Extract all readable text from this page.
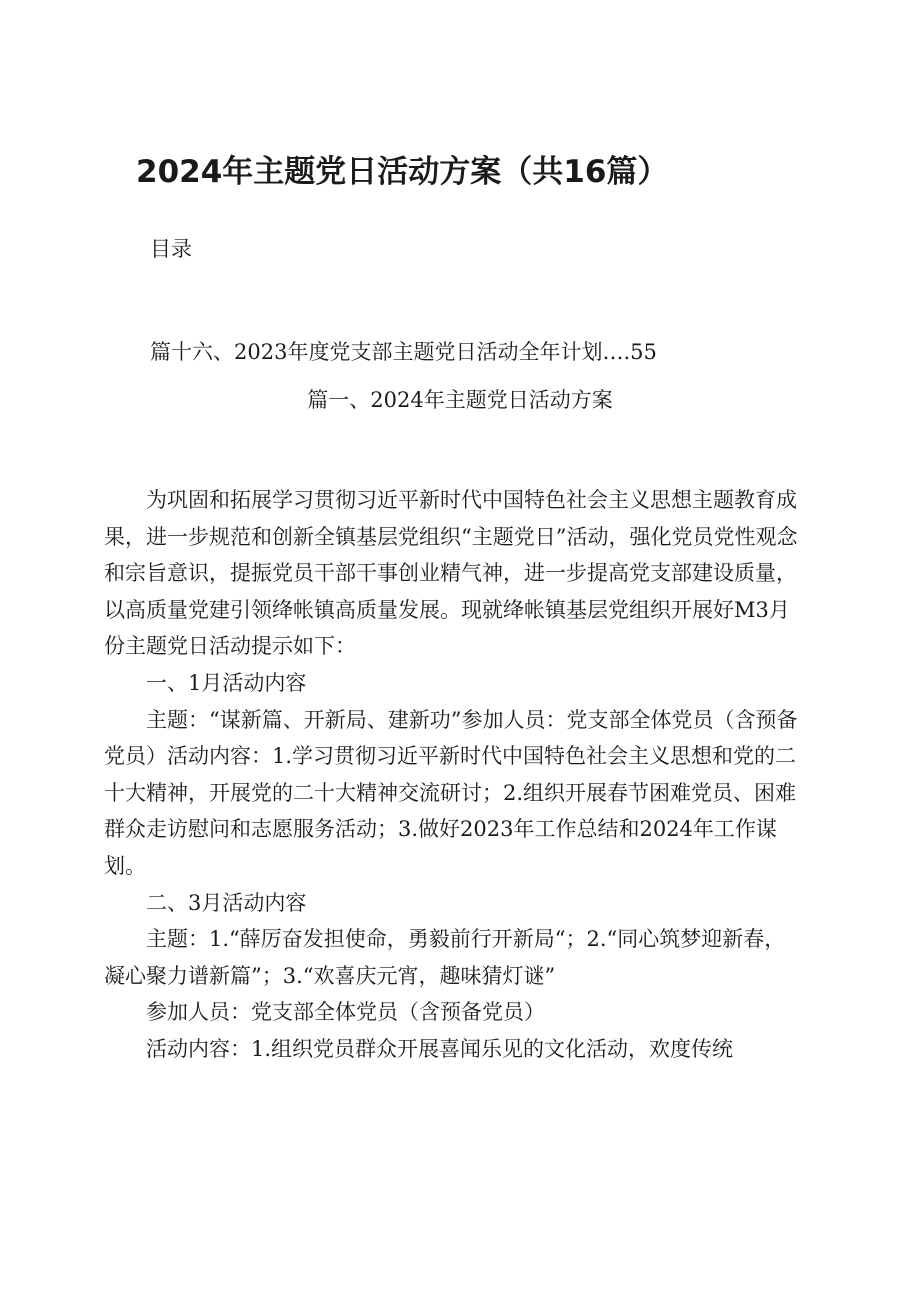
2024年主题党日活动方案（共16篇）
目录
篇十六、2023年度党支部主题党日活动全年计划….55
篇一、2024年主题党日活动方案

为巩固和拓展学习贯彻习近平新时代中国特色社会主义思想主题教育成果，进一步规范和创新全镇基层党组织“主题党日”活动，强化党员党性观念和宗旨意识，提振党员干部干事创业精气神，进一步提高党支部建设质量，以高质量党建引领绛帐镇高质量发展。现就绛帐镇基层党组织开展好M3月份主题党日活动提示如下：

一、1月活动内容

主题：“谋新篇、开新局、建新功”参加人员：党支部全体党员（含预备党员）活动内容：1.学习贯彻习近平新时代中国特色社会主义思想和党的二十大精神，开展党的二十大精神交流研讨；2.组织开展春节困难党员、困难群众走访慰问和志愿服务活动；3.做好2023年工作总结和2024年工作谋划。

二、3月活动内容

主题：1.“薛厉奋发担使命，勇毅前行开新局“；2.“同心筑梦迎新春，凝心聚力谱新篇”；3.“欢喜庆元宵，趣味猜灯谜”

参加人员：党支部全体党员（含预备党员）

活动内容：1.组织党员群众开展喜闻乐见的文化活动，欢度传统
